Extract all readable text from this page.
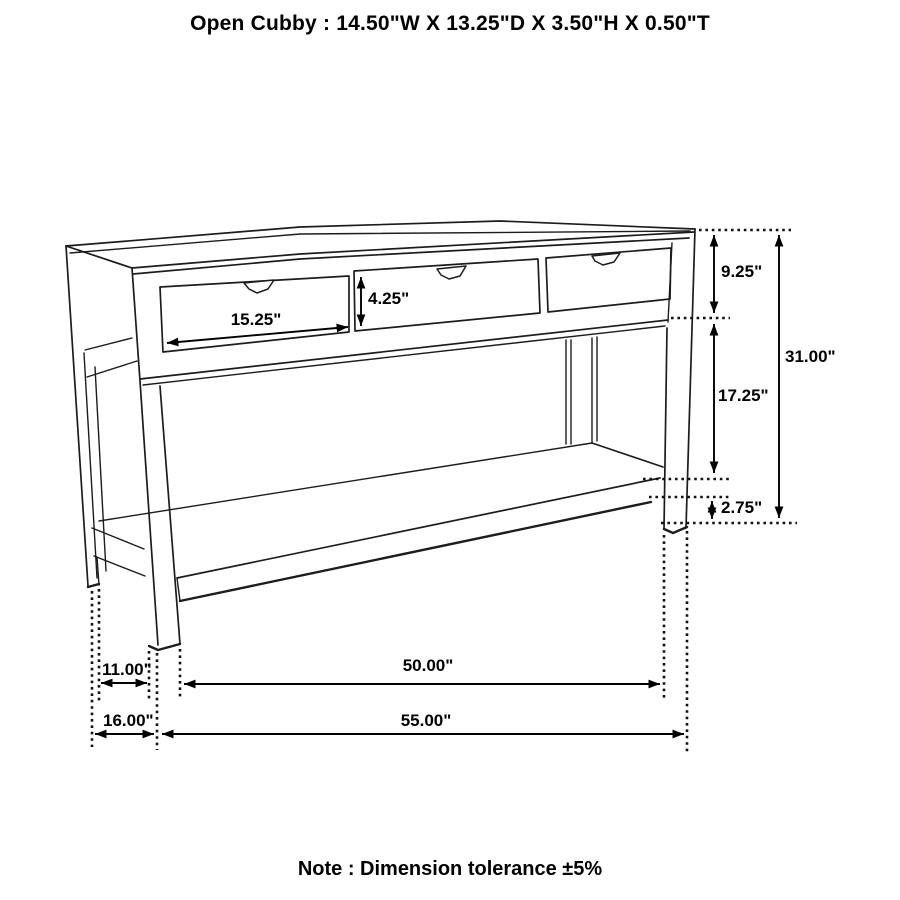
Open Cubby : 14.50"W X 13.25"D X 3.50"H X 0.50"T
9.25"
31.00"
17.25"
2.75"
15.25"
4.25"
11.00"	50.00"
16.00"	55.00"
Note : Dimension tolerance ±5%
